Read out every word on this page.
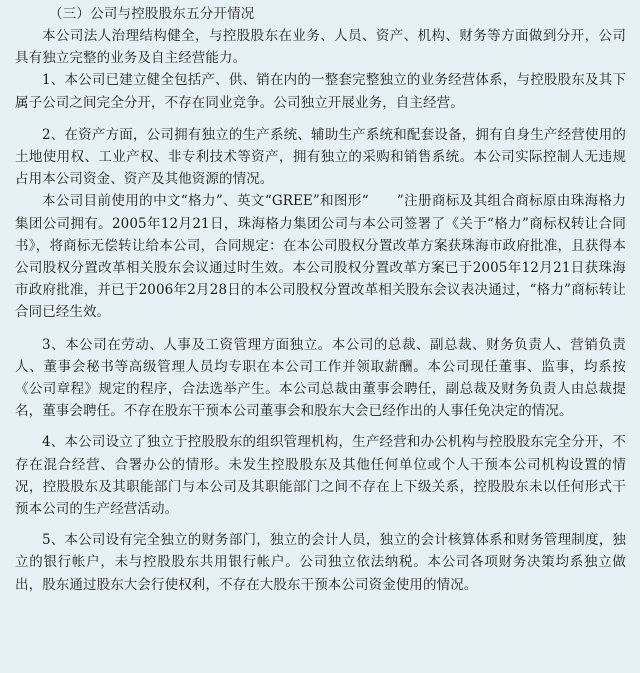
（三）公司与控股股东五分开情况

本公司法人治理结构健全，与控股股东在业务、人员、资产、机构、财务等方面做到分开，公司具有独立完整的业务及自主经营能力。

1、本公司已建立健全包括产、供、销在内的一整套完整独立的业务经营体系，与控股股东及其下属子公司之间完全分开，不存在同业竞争。公司独立开展业务，自主经营。

2、在资产方面，公司拥有独立的生产系统、辅助生产系统和配套设备，拥有自身生产经营使用的土地使用权、工业产权、非专利技术等资产，拥有独立的采购和销售系统。本公司实际控制人无违规占用本公司资金、资产及其他资源的情况。

本公司目前使用的中文“格力”、英文“GREE”和图形“　　”注册商标及其组合商标原由珠海格力集团公司拥有。2005年12月21日，珠海格力集团公司与本公司签署了《关于“格力”商标权转让合同书》，将商标无偿转让给本公司，合同规定：在本公司股权分置改革方案获珠海市政府批准，且获得本公司股权分置改革相关股东会议通过时生效。本公司股权分置改革方案已于2005年12月21日获珠海市政府批准，并已于2006年2月28日的本公司股权分置改革相关股东会议表决通过，“格力”商标转让合同已经生效。

3、本公司在劳动、人事及工资管理方面独立。本公司的总裁、副总裁、财务负责人、营销负责人、董事会秘书等高级管理人员均专职在本公司工作并领取薪酬。本公司现任董事、监事，均系按《公司章程》规定的程序，合法选举产生。本公司总裁由董事会聘任，副总裁及财务负责人由总裁提名，董事会聘任。不存在股东干预本公司董事会和股东大会已经作出的人事任免决定的情况。

4、本公司设立了独立于控股股东的组织管理机构，生产经营和办公机构与控股股东完全分开，不存在混合经营、合署办公的情形。未发生控股股东及其他任何单位或个人干预本公司机构设置的情况，控股股东及其职能部门与本公司及其职能部门之间不存在上下级关系，控股股东未以任何形式干预本公司的生产经营活动。

5、本公司设有完全独立的财务部门，独立的会计人员，独立的会计核算体系和财务管理制度，独立的银行帐户，未与控股股东共用银行帐户。公司独立依法纳税。本公司各项财务决策均系独立做出，股东通过股东大会行使权利，不存在大股东干预本公司资金使用的情况。
